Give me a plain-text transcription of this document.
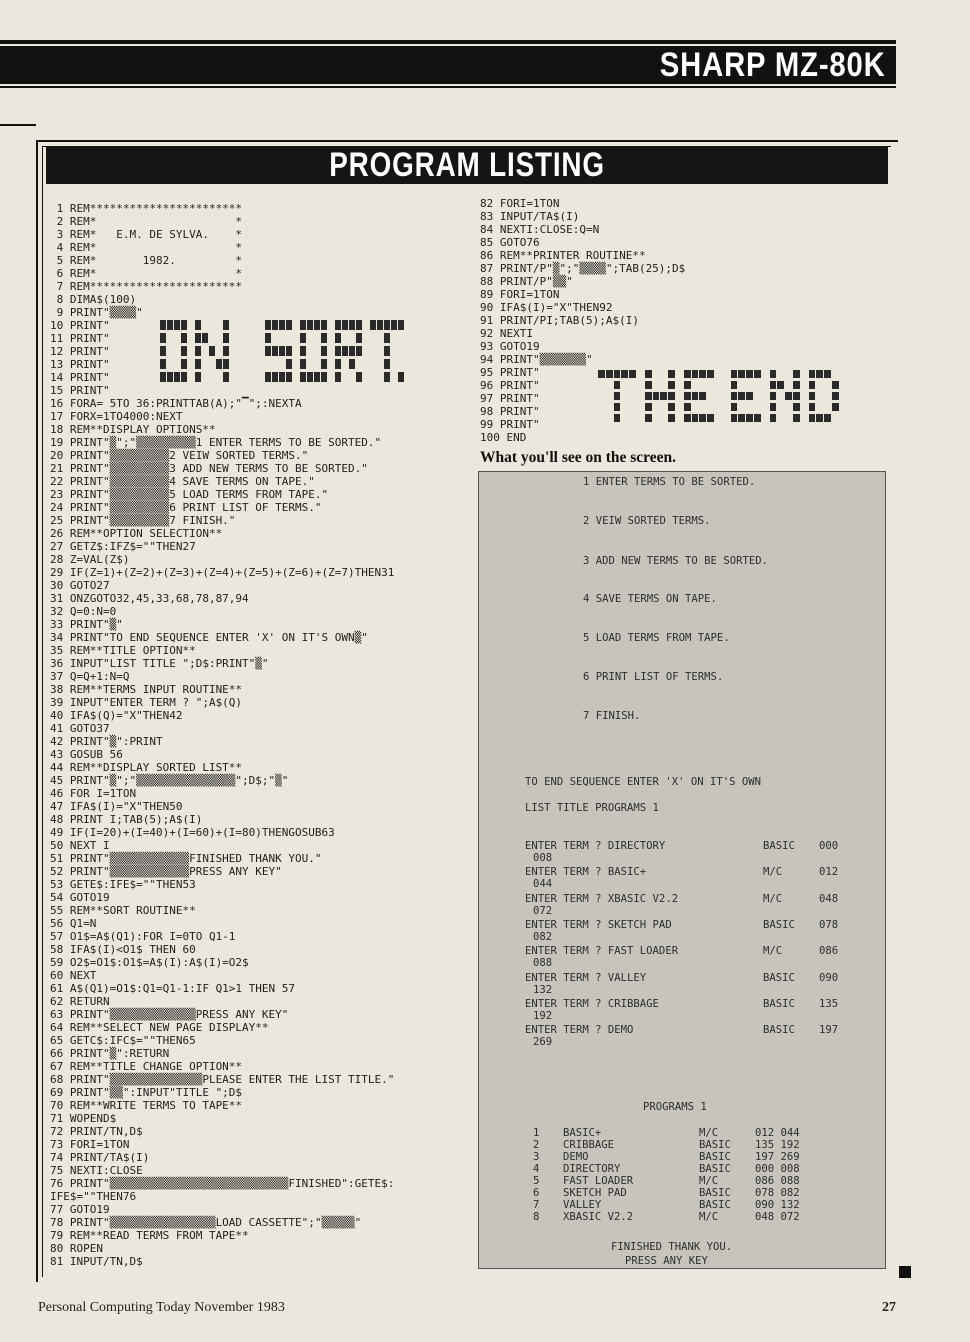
SHARP MZ-80K
PROGRAM LISTING
1 REM***********************
2 REM*                     *
3 REM*   E.M. DE SYLVA.    *
4 REM*                     *
5 REM*       1982.         *
6 REM*                     *
7 REM***********************
8 DIMA$(100)
9 PRINT"▒▒▒▒"
10 PRINT"
11 PRINT"
12 PRINT"
13 PRINT"
14 PRINT"
15 PRINT"
16 FORA= 5TO 36:PRINTTAB(A);"▔";:NEXTA
17 FORX=1TO4000:NEXT
18 REM**DISPLAY OPTIONS**
19 PRINT"▒";"▒▒▒▒▒▒▒▒▒1 ENTER TERMS TO BE SORTED."
20 PRINT"▒▒▒▒▒▒▒▒▒2 VEIW SORTED TERMS."
21 PRINT"▒▒▒▒▒▒▒▒▒3 ADD NEW TERMS TO BE SORTED."
22 PRINT"▒▒▒▒▒▒▒▒▒4 SAVE TERMS ON TAPE."
23 PRINT"▒▒▒▒▒▒▒▒▒5 LOAD TERMS FROM TAPE."
24 PRINT"▒▒▒▒▒▒▒▒▒6 PRINT LIST OF TERMS."
25 PRINT"▒▒▒▒▒▒▒▒▒7 FINISH."
26 REM**OPTION SELECTION**
27 GETZ$:IFZ$=""THEN27
28 Z=VAL(Z$)
29 IF(Z=1)+(Z=2)+(Z=3)+(Z=4)+(Z=5)+(Z=6)+(Z=7)THEN31
30 GOTO27
31 ONZGOTO32,45,33,68,78,87,94
32 Q=0:N=0
33 PRINT"▒"
34 PRINT"TO END SEQUENCE ENTER 'X' ON IT'S OWN▒"
35 REM**TITLE OPTION**
36 INPUT"LIST TITLE ";D$:PRINT"▒"
37 Q=Q+1:N=Q
38 REM**TERMS INPUT ROUTINE**
39 INPUT"ENTER TERM ? ";A$(Q)
40 IFA$(Q)="X"THEN42
41 GOTO37
42 PRINT"▒":PRINT
43 GOSUB 56
44 REM**DISPLAY SORTED LIST**
45 PRINT"▒";"▒▒▒▒▒▒▒▒▒▒▒▒▒▒▒";D$;"▒"
46 FOR I=1TON
47 IFA$(I)="X"THEN50
48 PRINT I;TAB(5);A$(I)
49 IF(I=20)+(I=40)+(I=60)+(I=80)THENGOSUB63
50 NEXT I
51 PRINT"▒▒▒▒▒▒▒▒▒▒▒▒FINISHED THANK YOU."
52 PRINT"▒▒▒▒▒▒▒▒▒▒▒▒PRESS ANY KEY"
53 GETE$:IFE$=""THEN53
54 GOTO19
55 REM**SORT ROUTINE**
56 Q1=N
57 O1$=A$(Q1):FOR I=0TO Q1-1
58 IFA$(I)<O1$ THEN 60
59 O2$=O1$:O1$=A$(I):A$(I)=O2$
60 NEXT
61 A$(Q1)=O1$:Q1=Q1-1:IF Q1>1 THEN 57
62 RETURN
63 PRINT"▒▒▒▒▒▒▒▒▒▒▒▒▒PRESS ANY KEY"
64 REM**SELECT NEW PAGE DISPLAY**
65 GETC$:IFC$=""THEN65
66 PRINT"▒":RETURN
67 REM**TITLE CHANGE OPTION**
68 PRINT"▒▒▒▒▒▒▒▒▒▒▒▒▒▒PLEASE ENTER THE LIST TITLE."
69 PRINT"▒▒":INPUT"TITLE ";D$
70 REM**WRITE TERMS TO TAPE**
71 WOPEND$
72 PRINT/TN,D$
73 FORI=1TON
74 PRINT/TA$(I)
75 NEXTI:CLOSE
76 PRINT"▒▒▒▒▒▒▒▒▒▒▒▒▒▒▒▒▒▒▒▒▒▒▒▒▒▒▒FINISHED":GETE$:
IFE$=""THEN76
77 GOTO19
78 PRINT"▒▒▒▒▒▒▒▒▒▒▒▒▒▒▒▒LOAD CASSETTE";"▒▒▒▒▒"
79 REM**READ TERMS FROM TAPE**
80 ROPEN
81 INPUT/TN,D$
82 FORI=1TON
83 INPUT/TA$(I)
84 NEXTI:CLOSE:Q=N
85 GOTO76
86 REM**PRINTER ROUTINE**
87 PRINT/P"▒";"▒▒▒▒";TAB(25);D$
88 PRINT/P"▒▒"
89 FORI=1TON
90 IFA$(I)="X"THEN92
91 PRINT/PI;TAB(5);A$(I)
92 NEXTI
93 GOTO19
94 PRINT"▒▒▒▒▒▒▒"
95 PRINT"
96 PRINT"
97 PRINT"
98 PRINT"
99 PRINT"
100 END
What you'll see on the screen.
1 ENTER TERMS TO BE SORTED.
2 VEIW SORTED TERMS.
3 ADD NEW TERMS TO BE SORTED.
4 SAVE TERMS ON TAPE.
5 LOAD TERMS FROM TAPE.
6 PRINT LIST OF TERMS.
7 FINISH.
TO END SEQUENCE ENTER 'X' ON IT'S OWN
LIST TITLE PROGRAMS 1
ENTER TERM ? DIRECTORY	BASIC 000
008
ENTER TERM ? BASIC+	M/C	012
044
ENTER TERM ? XBASIC V2.2	M/C	048
072
ENTER TERM ? SKETCH PAD	BASIC 078
082
ENTER TERM ? FAST LOADER	M/C	086
088
ENTER TERM ? VALLEY	BASIC 090
132
ENTER TERM ? CRIBBAGE	BASIC 135
192
ENTER TERM ? DEMO	BASIC 197
269
PROGRAMS 1
1 BASIC+	M/C	012 044
2 CRIBBAGE	BASIC 135 192
3 DEMO	BASIC 197 269
4 DIRECTORY	BASIC 000 008
5 FAST LOADER	M/C	086 088
6 SKETCH PAD	BASIC 078 082
7 VALLEY	BASIC 090 132
8 XBASIC V2.2	M/C	048 072
FINISHED THANK YOU.
PRESS ANY KEY
Personal Computing Today November 1983	27
